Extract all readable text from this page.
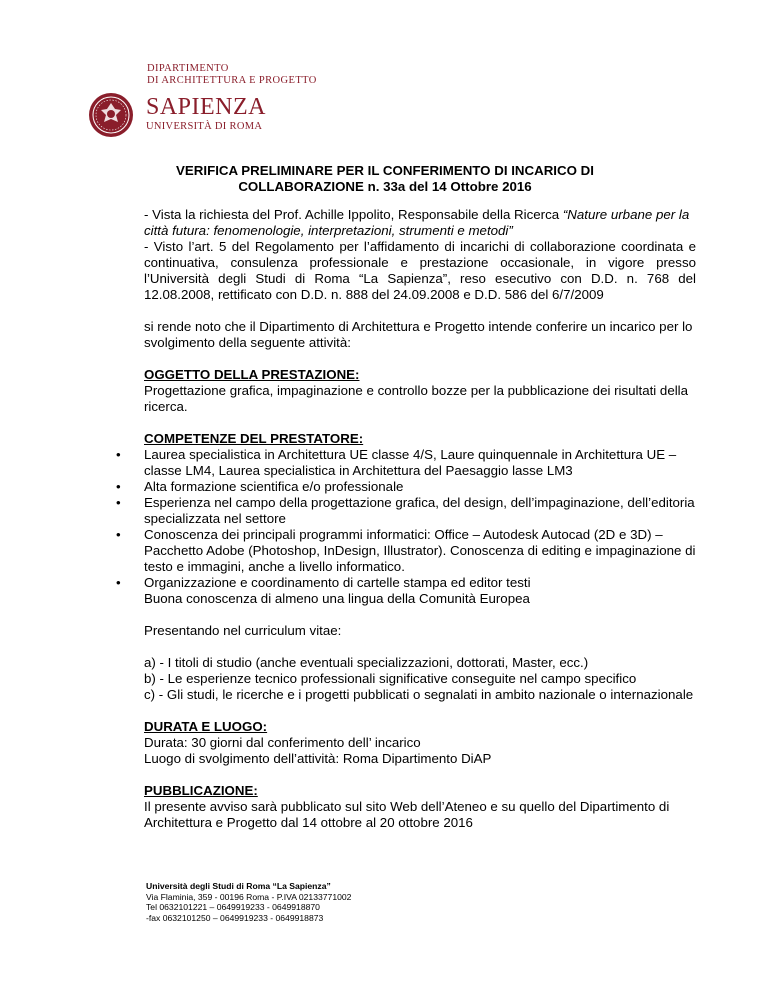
DIPARTIMENTO
DI ARCHITETTURA E PROGETTO
SAPIENZA
UNIVERSITÀ DI ROMA
VERIFICA PRELIMINARE PER IL CONFERIMENTO DI INCARICO DI
COLLABORAZIONE n. 33a del 14 Ottobre 2016

- Vista la richiesta del Prof. Achille Ippolito, Responsabile della Ricerca “Nature urbane per la città futura: fenomenologie, interpretazioni, strumenti e metodi”

- Visto l’art. 5 del Regolamento per l’affidamento di incarichi di collaborazione coordinata e continuativa, consulenza professionale e prestazione occasionale, in vigore presso l’Università degli Studi di Roma “La Sapienza”, reso esecutivo con D.D. n. 768 del 12.08.2008, rettificato con D.D. n. 888 del 24.09.2008 e D.D. 586 del 6/7/2009

si rende noto che il Dipartimento di Architettura e Progetto intende conferire un incarico per lo svolgimento della seguente attività:

OGGETTO DELLA PRESTAZIONE:

Progettazione grafica, impaginazione e controllo bozze per la pubblicazione dei risultati della ricerca.

COMPETENZE DEL PRESTATORE:

• Laurea specialistica in Architettura UE classe 4/S, Laure quinquennale in Architettura UE – classe LM4, Laurea specialistica in Architettura del Paesaggio lasse LM3

• Alta formazione scientifica e/o professionale

• Esperienza nel campo della progettazione grafica, del design, dell’impaginazione, dell’editoria specializzata nel settore

• Conoscenza dei principali programmi informatici: Office – Autodesk Autocad (2D e 3D) – Pacchetto Adobe (Photoshop, InDesign, Illustrator). Conoscenza di editing e impaginazione di testo e immagini, anche a livello informatico.

• Organizzazione e coordinamento di cartelle stampa ed editor testi

Buona conoscenza di almeno una lingua della Comunità Europea

Presentando nel curriculum vitae:

a) - I titoli di studio (anche eventuali specializzazioni, dottorati, Master, ecc.)

b) - Le esperienze tecnico professionali significative conseguite nel campo specifico

c) - Gli studi, le ricerche e i progetti pubblicati o segnalati in ambito nazionale o internazionale

DURATA E LUOGO:

Durata: 30 giorni dal conferimento dell’ incarico

Luogo di svolgimento dell’attività: Roma Dipartimento DiAP

PUBBLICAZIONE:

Il presente avviso sarà pubblicato sul sito Web dell’Ateneo e su quello del Dipartimento di Architettura e Progetto dal 14 ottobre al 20 ottobre 2016

Università degli Studi di Roma “La Sapienza”
Via Flaminia, 359 - 00196 Roma - P.IVA 02133771002
Tel 0632101221 – 0649919233 - 0649918870
-fax 0632101250 – 0649919233 - 0649918873
